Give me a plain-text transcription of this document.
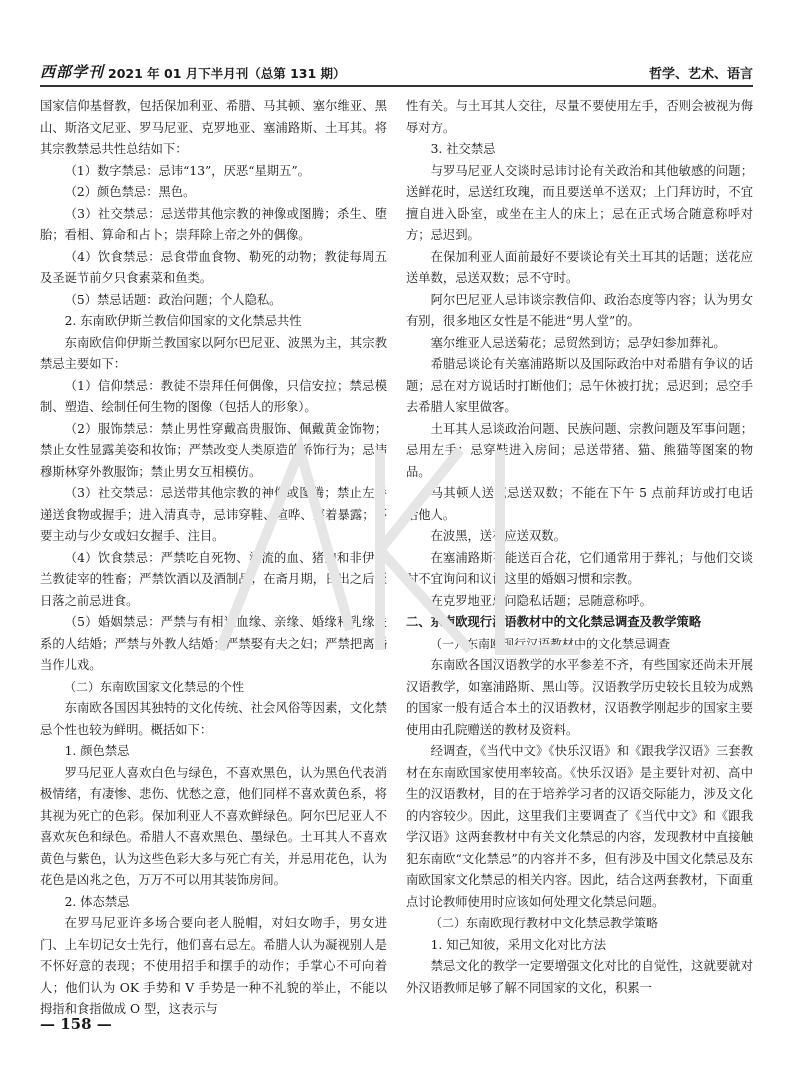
西部学刊 2021 年 01 月下半月刊（总第 131 期）	哲学、艺术、语言

国家信仰基督教，包括保加利亚、希腊、马其顿、塞尔维亚、黑山、斯洛文尼亚、罗马尼亚、克罗地亚、塞浦路斯、土耳其。将其宗教禁忌共性总结如下：

（1）数字禁忌：忌讳“13”，厌恶“星期五”。

（2）颜色禁忌：黑色。

（3）社交禁忌：忌送带其他宗教的神像或图腾；杀生、堕胎；看相、算命和占卜；崇拜除上帝之外的偶像。

（4）饮食禁忌：忌食带血食物、勒死的动物；教徒每周五及圣诞节前夕只食素菜和鱼类。

（5）禁忌话题：政治问题；个人隐私。

2. 东南欧伊斯兰教信仰国家的文化禁忌共性

东南欧信仰伊斯兰教国家以阿尔巴尼亚、波黑为主，其宗教禁忌主要如下：

（1）信仰禁忌：教徒不崇拜任何偶像，只信安拉；禁忌模制、塑造、绘制任何生物的图像（包括人的形象）。

（2）服饰禁忌：禁止男性穿戴高贵服饰、佩戴黄金饰物；禁止女性显露美姿和妆饰；严禁改变人类原造的矫饰行为；忌讳穆斯林穿外教服饰；禁止男女互相模仿。

（3）社交禁忌：忌送带其他宗教的神像或图腾；禁止左手递送食物或握手；进入清真寺，忌讳穿鞋、喧哗、穿着暴露；不要主动与少女或妇女握手、注目。

（4）饮食禁忌：严禁吃自死物、溢流的血、猪肉和非伊斯兰教徒宰的牲畜；严禁饮酒以及酒制品；在斋月期，日出之后至日落之前忌进食。

（5）婚姻禁忌：严禁与有相近血缘、亲缘、婚缘和乳缘关系的人结婚；严禁与外教人结婚；严禁娶有夫之妇；严禁把离婚当作儿戏。

（二）东南欧国家文化禁忌的个性

东南欧各国因其独特的文化传统、社会风俗等因素，文化禁忌个性也较为鲜明。概括如下：

1. 颜色禁忌

罗马尼亚人喜欢白色与绿色，不喜欢黑色，认为黑色代表消极情绪，有凄惨、悲伤、忧愁之意，他们同样不喜欢黄色系，将其视为死亡的色彩。保加利亚人不喜欢鲜绿色。阿尔巴尼亚人不喜欢灰色和绿色。希腊人不喜欢黑色、墨绿色。土耳其人不喜欢黄色与紫色，认为这些色彩大多与死亡有关，并忌用花色，认为花色是凶兆之色，万万不可以用其装饰房间。

2. 体态禁忌

在罗马尼亚许多场合要向老人脱帽，对妇女吻手，男女进门、上车切记女士先行，他们喜右忌左。希腊人认为凝视别人是不怀好意的表现；不使用招手和摆手的动作；手掌心不可向着人；他们认为 OK 手势和 V 手势是一种不礼貌的举止，不能以拇指和食指做成 O 型，这表示与

性有关。与土耳其人交往，尽量不要使用左手，否则会被视为侮辱对方。

3. 社交禁忌

与罗马尼亚人交谈时忌讳讨论有关政治和其他敏感的问题；送鲜花时，忌送红玫瑰，而且要送单不送双；上门拜访时，不宜擅自进入卧室，或坐在主人的床上；忌在正式场合随意称呼对方；忌迟到。

在保加利亚人面前最好不要谈论有关土耳其的话题；送花应送单数，忌送双数；忌不守时。

阿尔巴尼亚人忌讳谈宗教信仰、政治态度等内容；认为男女有别，很多地区女性是不能进“男人堂”的。

塞尔维亚人忌送菊花；忌贸然到访；忌孕妇参加葬礼。

希腊忌谈论有关塞浦路斯以及国际政治中对希腊有争议的话题；忌在对方说话时打断他们；忌午休被打扰；忌迟到；忌空手去希腊人家里做客。

土耳其人忌谈政治问题、民族问题、宗教问题及军事问题；忌用左手；忌穿鞋进入房间；忌送带猪、猫、熊猫等图案的物品。

马其顿人送花忌送双数；不能在下午 5 点前拜访或打电话给他人。

在波黑，送花应送双数。

在塞浦路斯不能送百合花，它们通常用于葬礼；与他们交谈时不宜询问和议论这里的婚姻习惯和宗教。

在克罗地亚忌问隐私话题；忌随意称呼。

二、东南欧现行汉语教材中的文化禁忌调查及教学策略

（一）东南欧现行汉语教材中的文化禁忌调查

东南欧各国汉语教学的水平参差不齐，有些国家还尚未开展汉语教学，如塞浦路斯、黑山等。汉语教学历史较长且较为成熟的国家一般有适合本土的汉语教材，汉语教学刚起步的国家主要使用由孔院赠送的教材及资料。

经调查，《当代中文》《快乐汉语》和《跟我学汉语》三套教材在东南欧国家使用率较高。《快乐汉语》是主要针对初、高中生的汉语教材，目的在于培养学习者的汉语交际能力，涉及文化的内容较少。因此，这里我们主要调查了《当代中文》和《跟我学汉语》这两套教材中有关文化禁忌的内容，发现教材中直接触犯东南欧“文化禁忌”的内容并不多，但有涉及中国文化禁忌及东南欧国家文化禁忌的相关内容。因此，结合这两套教材，下面重点讨论教师使用时应该如何处理文化禁忌问题。

（二）东南欧现行教材中文化禁忌教学策略

1. 知己知彼，采用文化对比方法

禁忌文化的教学一定要增强文化对比的自觉性，这就要就对外汉语教师足够了解不同国家的文化，积累一

— 158 —
